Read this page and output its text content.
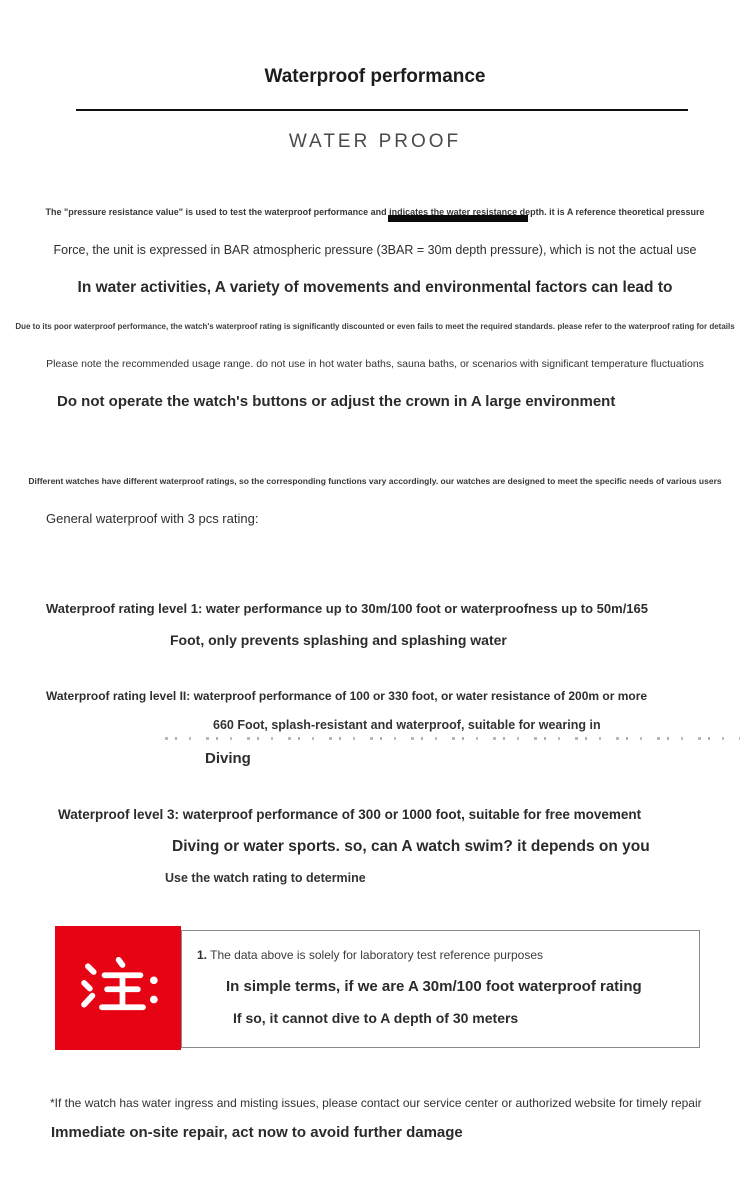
Waterproof performance
WATER PROOF
The "pressure resistance value" is used to test the waterproof performance and indicates the water resistance depth. it is A reference theoretical pressure
Force, the unit is expressed in BAR atmospheric pressure (3BAR = 30m depth pressure), which is not the actual use
In water activities, A variety of movements and environmental factors can lead to
Due to its poor waterproof performance, the watch's waterproof rating is significantly discounted or even fails to meet the required standards. please refer to the waterproof rating for details
Please note the recommended usage range. do not use in hot water baths, sauna baths, or scenarios with significant temperature fluctuations
Do not operate the watch's buttons or adjust the crown in A large environment
Different watches have different waterproof ratings, so the corresponding functions vary accordingly. our watches are designed to meet the specific needs of various users
General waterproof with 3 pcs rating:
Waterproof rating level 1: water performance up to 30m/100 foot or waterproofness up to 50m/165
Foot, only prevents splashing and splashing water
Waterproof rating level II: waterproof performance of 100 or 330 foot, or water resistance of 200m or more
660 Foot, splash-resistant and waterproof, suitable for wearing in
Diving
Waterproof level 3: waterproof performance of 300 or 1000 foot, suitable for free movement
Diving or water sports. so, can A watch swim? it depends on you
Use the watch rating to determine
1. The data above is solely for laboratory test reference purposes
In simple terms, if we are A 30m/100 foot waterproof rating
If so, it cannot dive to A depth of 30 meters
*If the watch has water ingress and misting issues, please contact our service center or authorized website for timely repair
Immediate on-site repair, act now to avoid further damage
